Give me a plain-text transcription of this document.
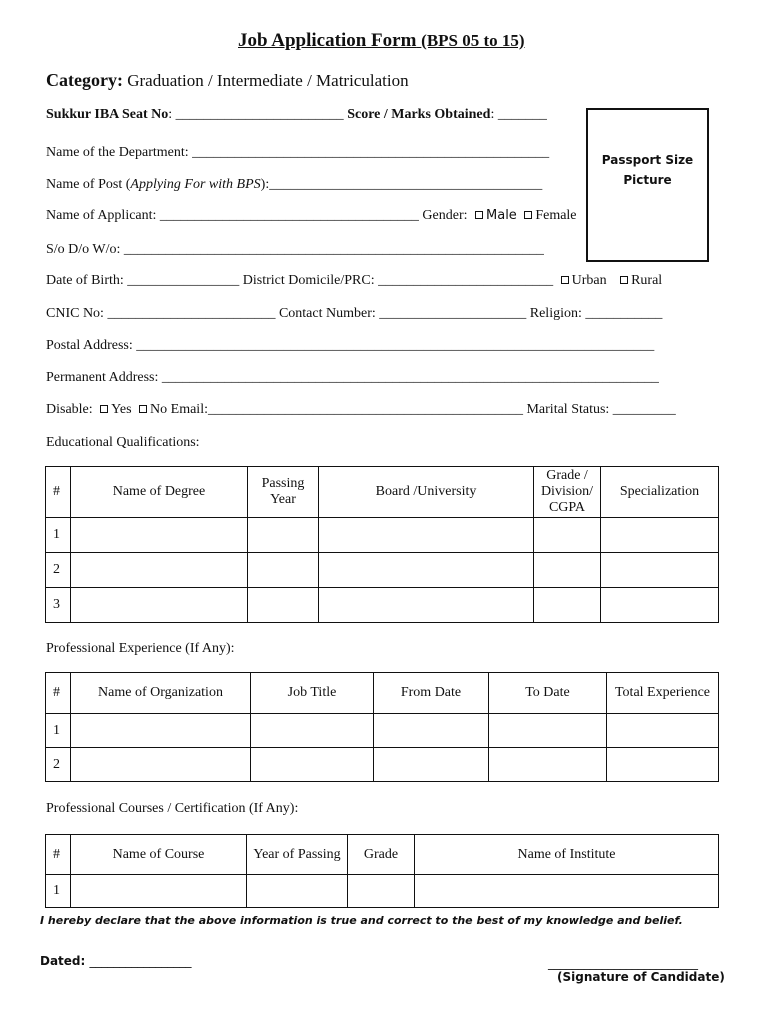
Job Application Form (BPS 05 to 15)
Category: Graduation / Intermediate / Matriculation
Passport Size
Picture
Sukkur IBA Seat No: ________________________ Score / Marks Obtained: _______
Name of the Department: ___________________________________________________
Name of Post (Applying For with BPS):_______________________________________
Name of Applicant: _____________________________________ Gender: Male Female
S/o D/o W/o: ____________________________________________________________
Date of Birth: ________________ District Domicile/PRC: _________________________ Urban Rural
CNIC No: ________________________ Contact Number: _____________________ Religion: ___________
Postal Address: __________________________________________________________________________
Permanent Address: _______________________________________________________________________
Disable: Yes No Email:_____________________________________________ Marital Status: _________
Educational Qualifications:
#	Name of Degree	Passing Year	Board /University	Grade / Division/ CGPA	Specialization
1					
2					
3					
Professional Experience (If Any):
#	Name of Organization	Job Title	From Date	To Date	Total Experience
1					
2					
Professional Courses / Certification (If Any):
#	Name of Course	Year of Passing	Grade	Name of Institute
1				
I hereby declare that the above information is true and correct to the best of my knowledge and belief.
Dated: _________________	_________________________
(Signature of Candidate)
